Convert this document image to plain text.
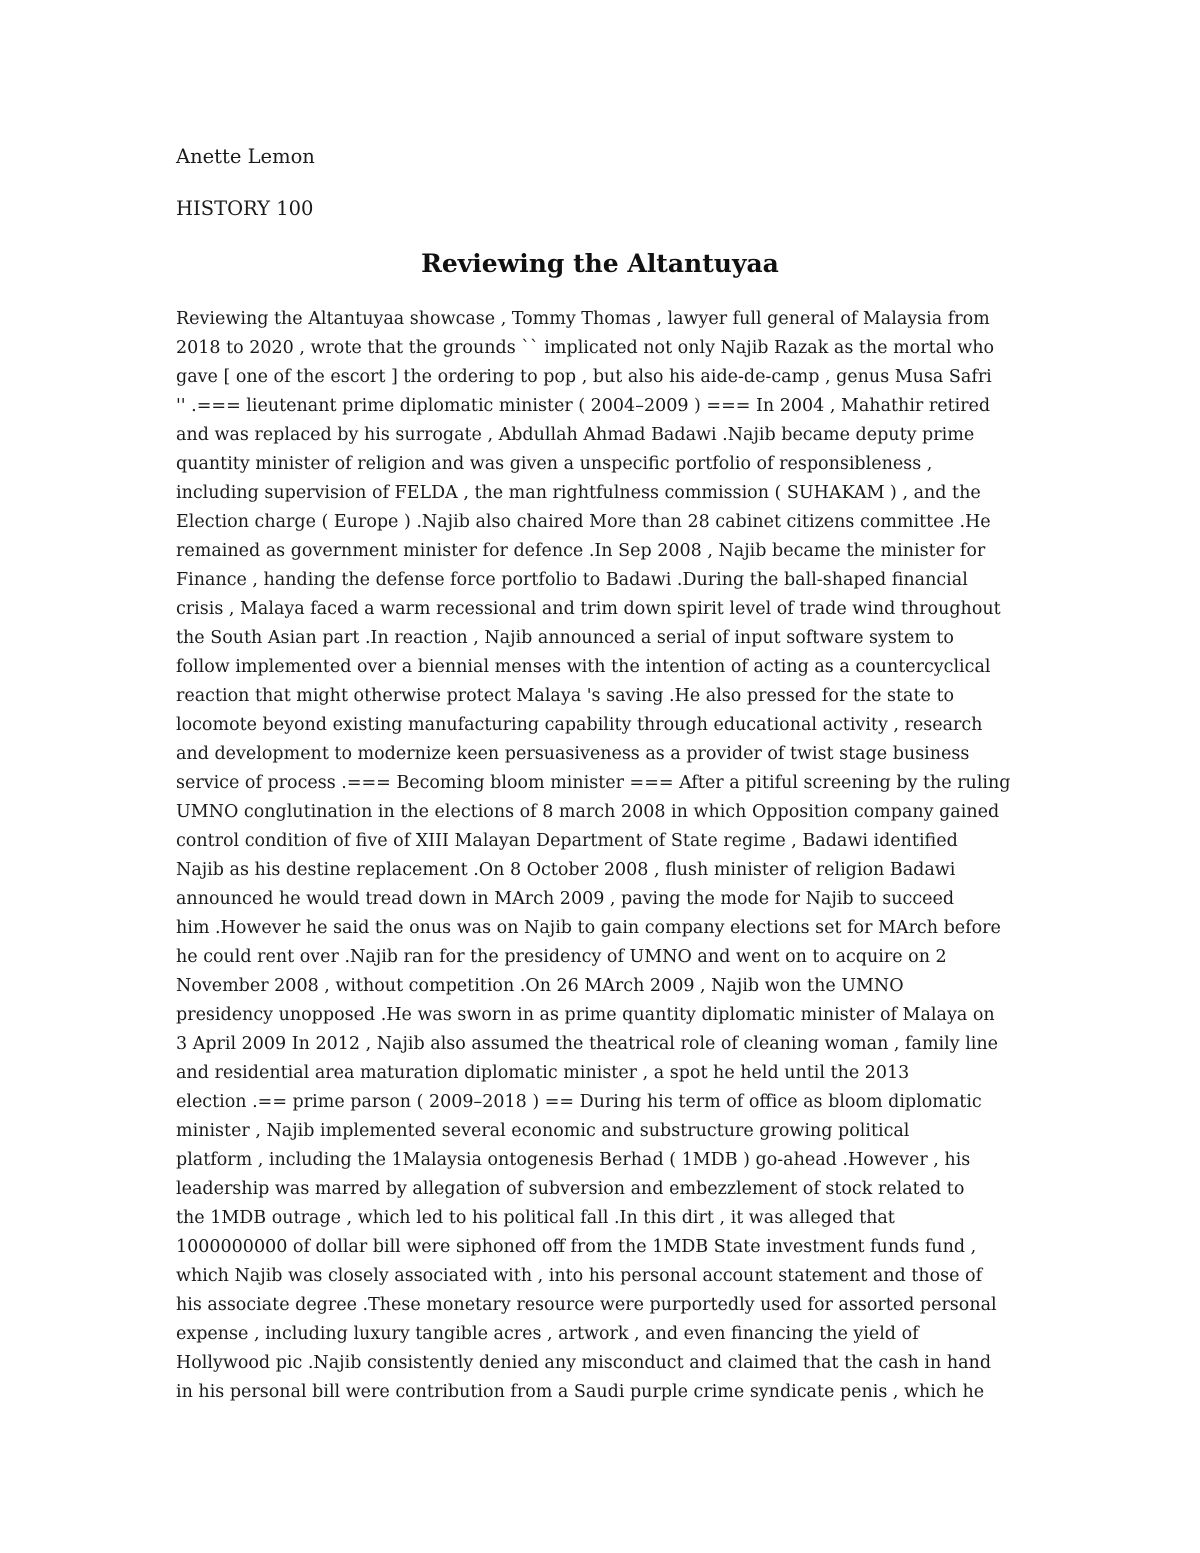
Anette Lemon
HISTORY 100
Reviewing the Altantuyaa
Reviewing the Altantuyaa showcase , Tommy Thomas , lawyer full general of Malaysia from
2018 to 2020 , wrote that the grounds `` implicated not only Najib Razak as the mortal who
gave [ one of the escort ] the ordering to pop , but also his aide-de-camp , genus Musa Safri
'' .=== lieutenant prime diplomatic minister ( 2004–2009 ) === In 2004 , Mahathir retired
and was replaced by his surrogate , Abdullah Ahmad Badawi .Najib became deputy prime
quantity minister of religion and was given a unspecific portfolio of responsibleness ,
including supervision of FELDA , the man rightfulness commission ( SUHAKAM ) , and the
Election charge ( Europe ) .Najib also chaired More than 28 cabinet citizens committee .He
remained as government minister for defence .In Sep 2008 , Najib became the minister for
Finance , handing the defense force portfolio to Badawi .During the ball-shaped financial
crisis , Malaya faced a warm recessional and trim down spirit level of trade wind throughout
the South Asian part .In reaction , Najib announced a serial of input software system to
follow implemented over a biennial menses with the intention of acting as a countercyclical
reaction that might otherwise protect Malaya 's saving .He also pressed for the state to
locomote beyond existing manufacturing capability through educational activity , research
and development to modernize keen persuasiveness as a provider of twist stage business
service of process .=== Becoming bloom minister === After a pitiful screening by the ruling
UMNO conglutination in the elections of 8 march 2008 in which Opposition company gained
control condition of five of XIII Malayan Department of State regime , Badawi identified
Najib as his destine replacement .On 8 October 2008 , flush minister of religion Badawi
announced he would tread down in MArch 2009 , paving the mode for Najib to succeed
him .However he said the onus was on Najib to gain company elections set for MArch before
he could rent over .Najib ran for the presidency of UMNO and went on to acquire on 2
November 2008 , without competition .On 26 MArch 2009 , Najib won the UMNO
presidency unopposed .He was sworn in as prime quantity diplomatic minister of Malaya on
3 April 2009 In 2012 , Najib also assumed the theatrical role of cleaning woman , family line
and residential area maturation diplomatic minister , a spot he held until the 2013
election .== prime parson ( 2009–2018 ) == During his term of office as bloom diplomatic
minister , Najib implemented several economic and substructure growing political
platform , including the 1Malaysia ontogenesis Berhad ( 1MDB ) go-ahead .However , his
leadership was marred by allegation of subversion and embezzlement of stock related to
the 1MDB outrage , which led to his political fall .In this dirt , it was alleged that
1000000000 of dollar bill were siphoned off from the 1MDB State investment funds fund ,
which Najib was closely associated with , into his personal account statement and those of
his associate degree .These monetary resource were purportedly used for assorted personal
expense , including luxury tangible acres , artwork , and even financing the yield of
Hollywood pic .Najib consistently denied any misconduct and claimed that the cash in hand
in his personal bill were contribution from a Saudi purple crime syndicate penis , which he
